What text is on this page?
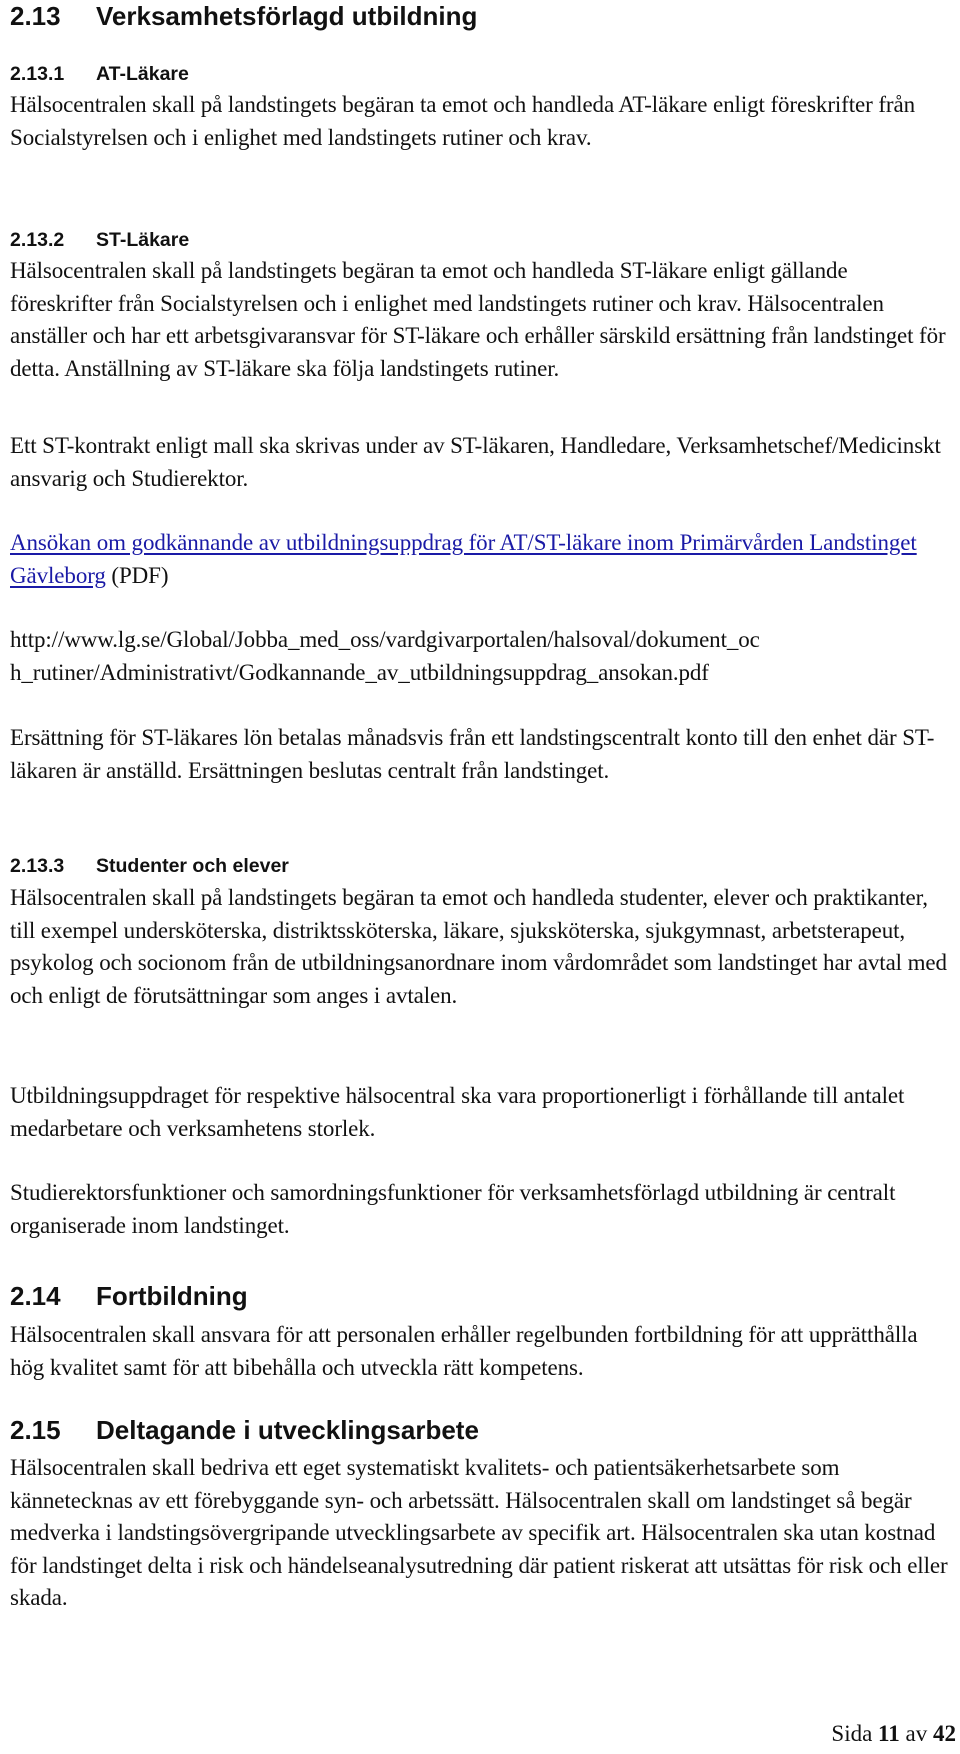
2.13 Verksamhetsförlagd utbildning
2.13.1 AT-Läkare

Hälsocentralen skall på landstingets begäran ta emot och handleda AT-läkare enligt föreskrifter från Socialstyrelsen och i enlighet med landstingets rutiner och krav.

2.13.2 ST-Läkare

Hälsocentralen skall på landstingets begäran ta emot och handleda ST-läkare enligt gällande föreskrifter från Socialstyrelsen och i enlighet med landstingets rutiner och krav. Hälsocentralen anställer och har ett arbetsgivaransvar för ST-läkare och erhåller särskild ersättning från landstinget för detta. Anställning av ST-läkare ska följa landstingets rutiner.

Ett ST-kontrakt enligt mall ska skrivas under av ST-läkaren, Handledare, Verksamhetschef/Medicinskt ansvarig och Studierektor.

Ansökan om godkännande av utbildningsuppdrag för AT/ST-läkare inom Primärvården Landstinget Gävleborg (PDF)

http://www.lg.se/Global/Jobba_med_oss/vardgivarportalen/halsoval/dokument_oc

h_rutiner/Administrativt/Godkannande_av_utbildningsuppdrag_ansokan.pdf

Ersättning för ST-läkares lön betalas månadsvis från ett landstingscentralt konto till den enhet där ST-läkaren är anställd. Ersättningen beslutas centralt från landstinget.

2.13.3 Studenter och elever

Hälsocentralen skall på landstingets begäran ta emot och handleda studenter, elever och praktikanter, till exempel undersköterska, distriktssköterska, läkare, sjuksköterska, sjukgymnast, arbetsterapeut, psykolog och socionom från de utbildningsanordnare inom vårdområdet som landstinget har avtal med och enligt de förutsättningar som anges i avtalen.

Utbildningsuppdraget för respektive hälsocentral ska vara proportionerligt i förhållande till antalet medarbetare och verksamhetens storlek.

Studierektorsfunktioner och samordningsfunktioner för verksamhetsförlagd utbildning är centralt organiserade inom landstinget.

2.14 Fortbildning

Hälsocentralen skall ansvara för att personalen erhåller regelbunden fortbildning för att upprätthålla hög kvalitet samt för att bibehålla och utveckla rätt kompetens.

2.15 Deltagande i utvecklingsarbete

Hälsocentralen skall bedriva ett eget systematiskt kvalitets- och patientsäkerhetsarbete som kännetecknas av ett förebyggande syn- och arbetssätt. Hälsocentralen skall om landstinget så begär medverka i landstingsövergripande utvecklingsarbete av specifik art. Hälsocentralen ska utan kostnad för landstinget delta i risk och händelseanalysutredning där patient riskerat att utsättas för risk och eller skada.

Sida 11 av 42
